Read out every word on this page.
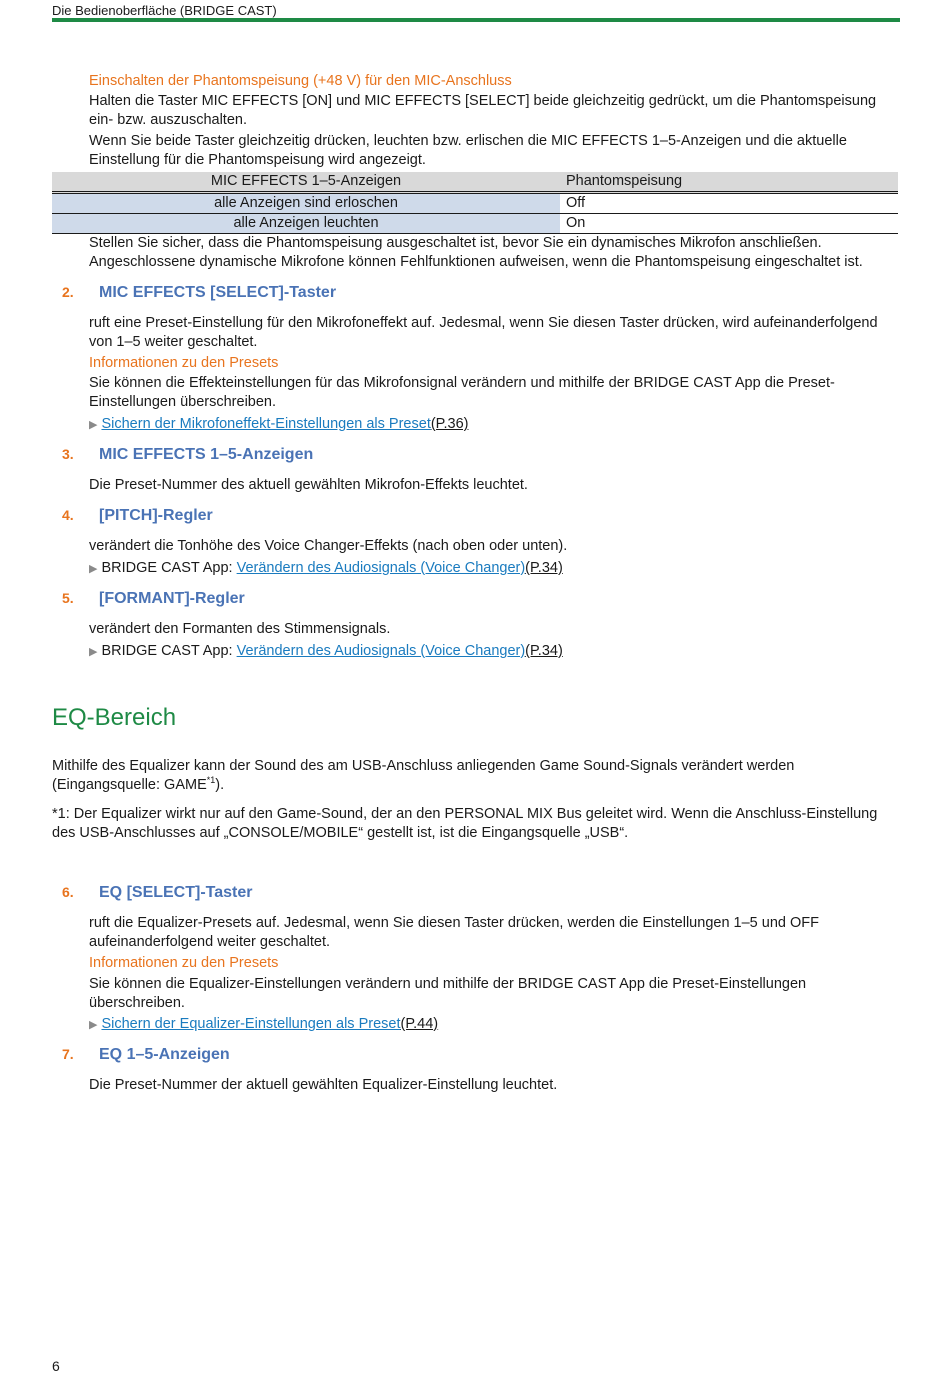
Die Bedienoberfläche (BRIDGE CAST)
Einschalten der Phantomspeisung (+48 V) für den MIC-Anschluss
Halten die Taster MIC EFFECTS [ON] und MIC EFFECTS [SELECT] beide gleichzeitig gedrückt, um die Phantomspeisung ein- bzw. auszuschalten.
Wenn Sie beide Taster gleichzeitig drücken, leuchten bzw. erlischen die MIC EFFECTS 1–5-Anzeigen und die aktuelle Einstellung für die Phantomspeisung wird angezeigt.
MIC EFFECTS 1–5-Anzeigen	Phantomspeisung
alle Anzeigen sind erloschen	Off
alle Anzeigen leuchten	On
Stellen Sie sicher, dass die Phantomspeisung ausgeschaltet ist, bevor Sie ein dynamisches Mikrofon anschließen. Angeschlossene dynamische Mikrofone können Fehlfunktionen aufweisen, wenn die Phantomspeisung eingeschaltet ist.
2. MIC EFFECTS [SELECT]-Taster
ruft eine Preset-Einstellung für den Mikrofoneffekt auf. Jedesmal, wenn Sie diesen Taster drücken, wird aufeinanderfolgend von 1–5 weiter geschaltet.
Informationen zu den Presets
Sie können die Effekteinstellungen für das Mikrofonsignal verändern und mithilfe der BRIDGE CAST App die Preset-Einstellungen überschreiben.
▶ Sichern der Mikrofoneffekt-Einstellungen als Preset(P.36)
3. MIC EFFECTS 1–5-Anzeigen
Die Preset-Nummer des aktuell gewählten Mikrofon-Effekts leuchtet.
4. [PITCH]-Regler
verändert die Tonhöhe des Voice Changer-Effekts (nach oben oder unten).
▶ BRIDGE CAST App: Verändern des Audiosignals (Voice Changer)(P.34)
5. [FORMANT]-Regler
verändert den Formanten des Stimmensignals.
▶ BRIDGE CAST App: Verändern des Audiosignals (Voice Changer)(P.34)
EQ-Bereich
Mithilfe des Equalizer kann der Sound des am USB-Anschluss anliegenden Game Sound-Signals verändert werden (Eingangsquelle: GAME$^{*1}$).
*1: Der Equalizer wirkt nur auf den Game-Sound, der an den PERSONAL MIX Bus geleitet wird. Wenn die Anschluss-Einstellung des USB-Anschlusses auf „CONSOLE/MOBILE“ gestellt ist, ist die Eingangsquelle „USB“.
6. EQ [SELECT]-Taster
ruft die Equalizer-Presets auf. Jedesmal, wenn Sie diesen Taster drücken, werden die Einstellungen 1–5 und OFF aufeinanderfolgend weiter geschaltet.
Informationen zu den Presets
Sie können die Equalizer-Einstellungen verändern und mithilfe der BRIDGE CAST App die Preset-Einstellungen überschreiben.
▶ Sichern der Equalizer-Einstellungen als Preset(P.44)
7. EQ 1–5-Anzeigen
Die Preset-Nummer der aktuell gewählten Equalizer-Einstellung leuchtet.
6
